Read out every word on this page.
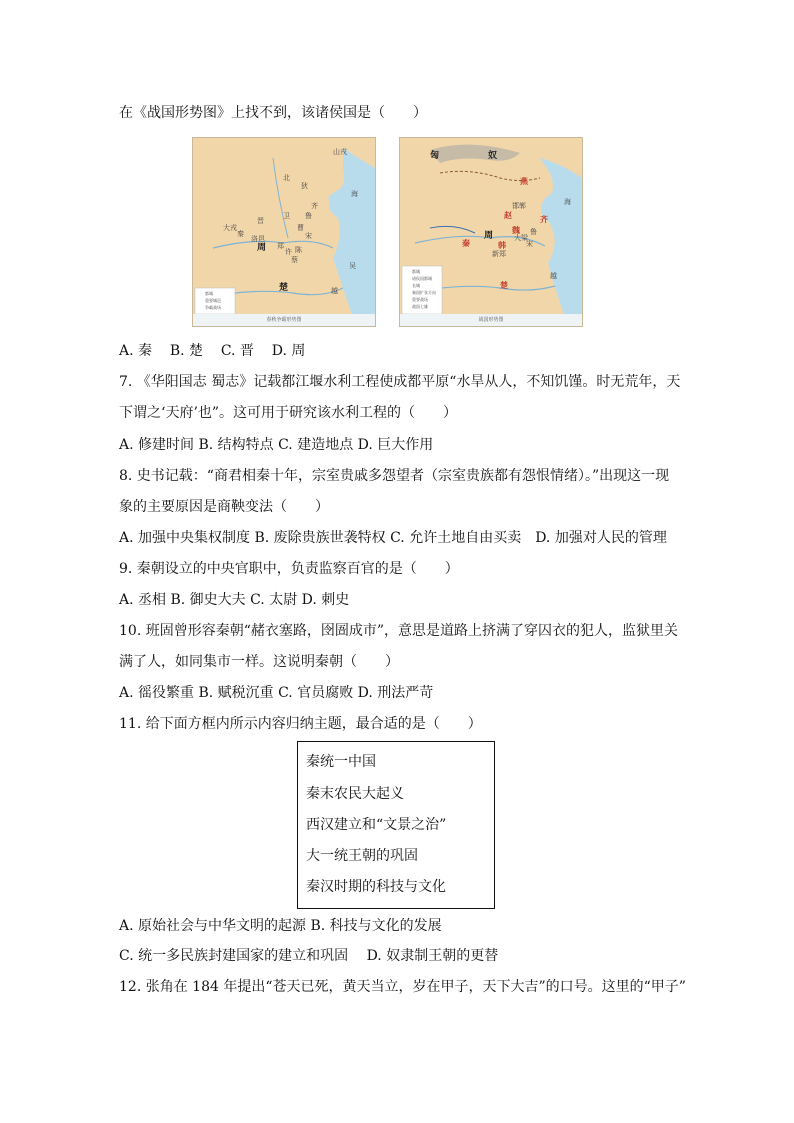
在《战国形势图》上找不到，该诸侯国是（　　）
春秋争霸形势图
山戎
北
狄
齐
大戎
秦
晋
卫 鲁
周 郑
宋
吴
楚	越
海
陈
蔡
许
曹
洛邑
都城
重要城邑
争霸战场
战国形势图
匈	奴
燕
赵
魏
齐
秦	韩
周
宋
楚
鲁
越
大梁
邯郸
新郑
海
都城
诸侯国都城
长城
秦国扩张方向
重要战场
战国七雄
A. 秦 B. 楚 C. 晋 D. 周
7. 《华阳国志 蜀志》记载都江堰水利工程使成都平原“水旱从人，不知饥馑。时无荒年，天
下谓之‘天府’也”。这可用于研究该水利工程的（　　）
A. 修建时间 B. 结构特点 C. 建造地点 D. 巨大作用
8. 史书记载：“商君相秦十年，宗室贵戚多怨望者（宗室贵族都有怨恨情绪）。”出现这一现
象的主要原因是商鞅变法（　　）
A. 加强中央集权制度 B. 废除贵族世袭特权 C. 允许土地自由买卖　D. 加强对人民的管理
9. 秦朝设立的中央官职中，负责监察百官的是（　　）
A. 丞相 B. 御史大夫 C. 太尉 D. 刺史
10. 班固曾形容秦朝“赭衣塞路，囹圄成市”，意思是道路上挤满了穿囚衣的犯人，监狱里关
满了人，如同集市一样。这说明秦朝（　　）
A. 徭役繁重 B. 赋税沉重 C. 官员腐败 D. 刑法严苛
11. 给下面方框内所示内容归纳主题，最合适的是（　　）
秦统一中国
秦末农民大起义
西汉建立和“文景之治”
大一统王朝的巩固
秦汉时期的科技与文化
A. 原始社会与中华文明的起源 B. 科技与文化的发展
C. 统一多民族封建国家的建立和巩固　 D. 奴隶制王朝的更替
12. 张角在 184 年提出“苍天已死，黄天当立，岁在甲子，天下大吉”的口号。这里的“甲子”
